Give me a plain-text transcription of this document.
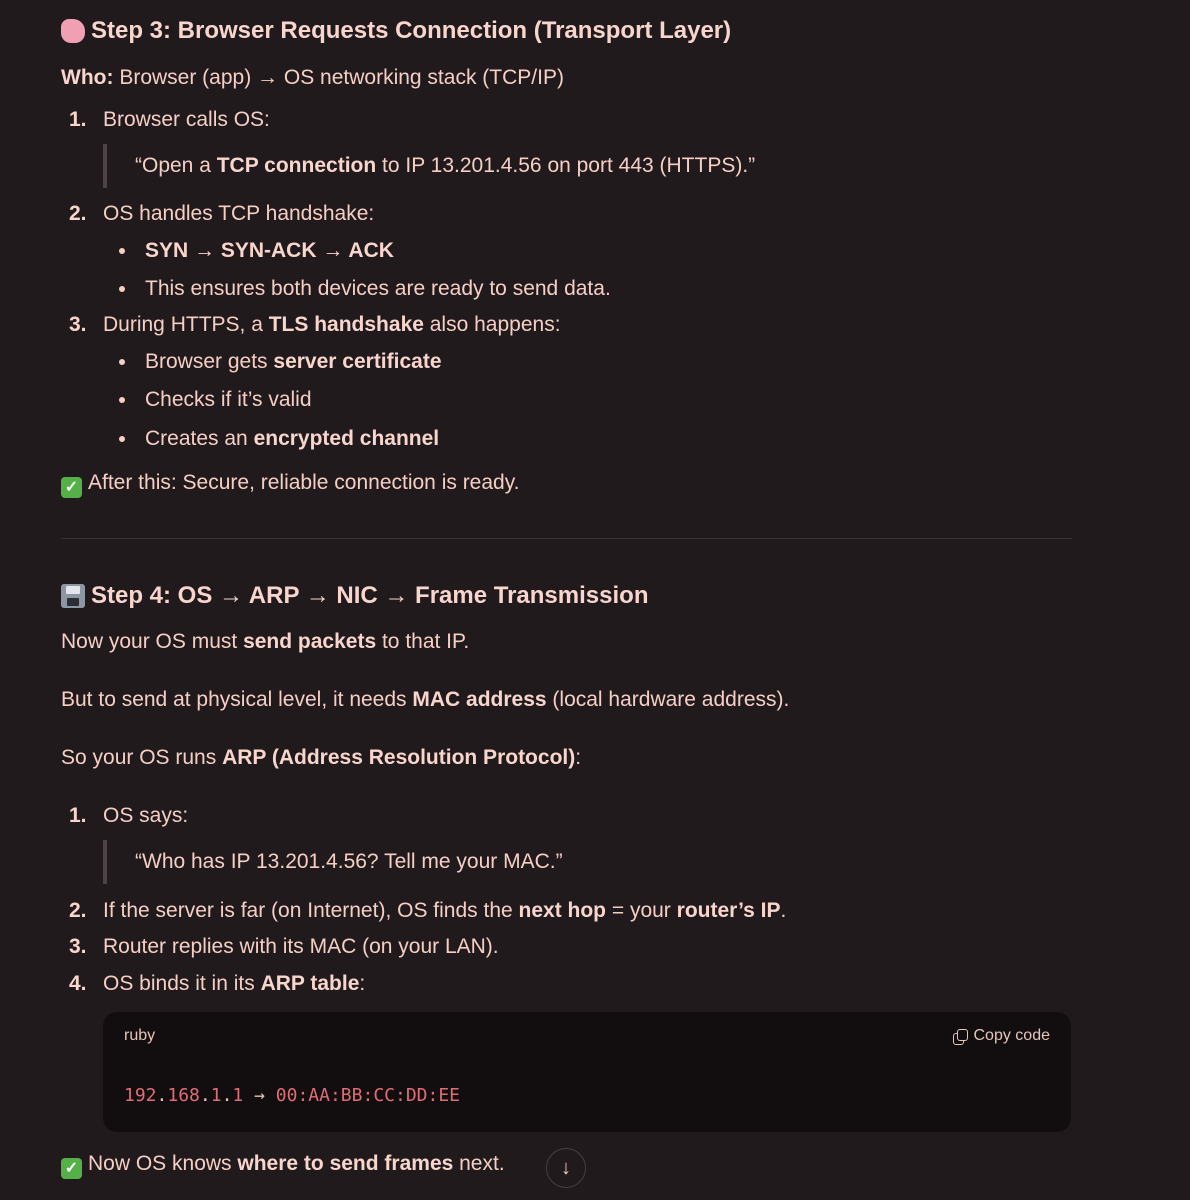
Step 3: Browser Requests Connection (Transport Layer)
Who: Browser (app) → OS networking stack (TCP/IP)
1. Browser calls OS:
“Open a TCP connection to IP 13.201.4.56 on port 443 (HTTPS).”
2. OS handles TCP handshake:
SYN → SYN-ACK → ACK
This ensures both devices are ready to send data.
3. During HTTPS, a TLS handshake also happens:
Browser gets server certificate
Checks if it’s valid
Creates an encrypted channel
✓ After this: Secure, reliable connection is ready.
Step 4: OS → ARP → NIC → Frame Transmission
Now your OS must send packets to that IP.
But to send at physical level, it needs MAC address (local hardware address).
So your OS runs ARP (Address Resolution Protocol):
1. OS says:
“Who has IP 13.201.4.56? Tell me your MAC.”
2. If the server is far (on Internet), OS finds the next hop = your router’s IP.
3. Router replies with its MAC (on your LAN).
4. OS binds it in its ARP table:
ruby	Copy code
192.168.1.1 → 00:AA:BB:CC:DD:EE
✓ Now OS knows where to send frames next.	↓
